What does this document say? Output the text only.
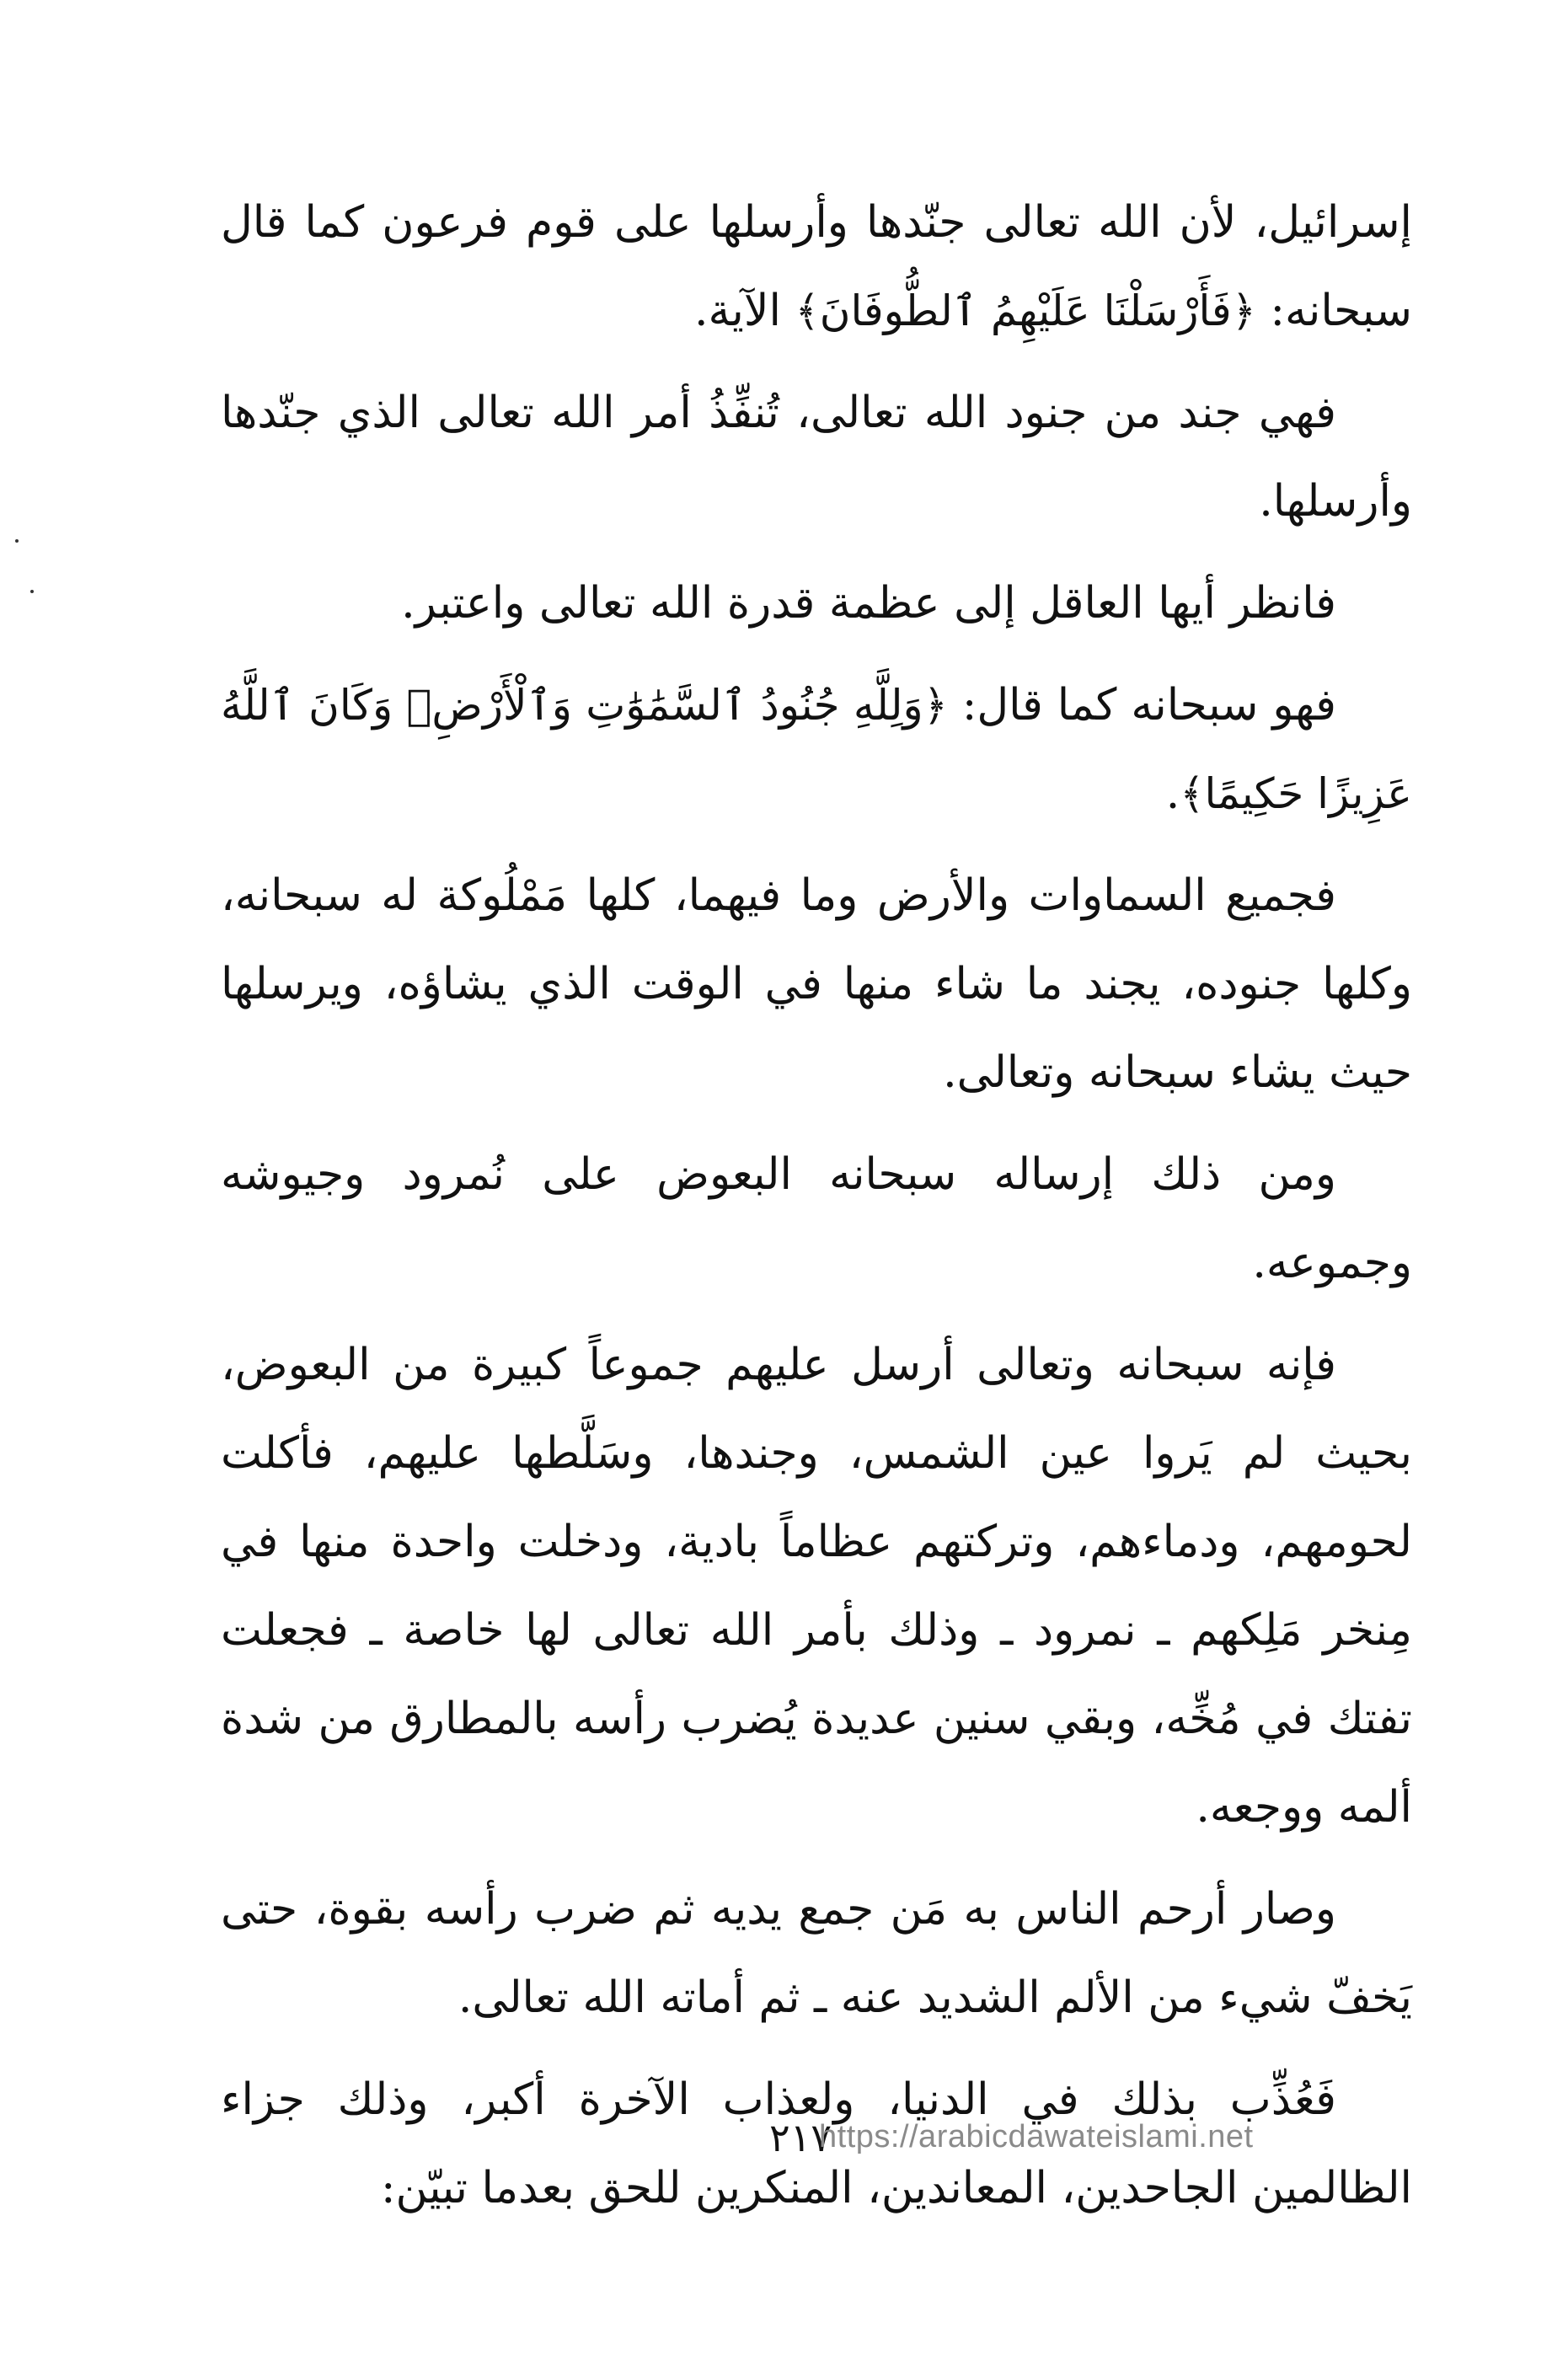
إسرائيل، لأن الله تعالى جنّدها وأرسلها على قوم فرعون كما قال سبحانه: ﴿فَأَرْسَلْنَا عَلَيْهِمُ ٱلطُّوفَانَ﴾ الآية.

فهي جند من جنود الله تعالى، تُنفِّذُ أمر الله تعالى الذي جنّدها وأرسلها.

فانظر أيها العاقل إلى عظمة قدرة الله تعالى واعتبر.

فهو سبحانه كما قال: ﴿وَلِلَّهِ جُنُودُ ٱلسَّمَٰوَٰتِ وَٱلْأَرْضِۚ وَكَانَ ٱللَّهُ عَزِيزًا حَكِيمًا﴾.

فجميع السماوات والأرض وما فيهما، كلها مَمْلُوكة له سبحانه، وكلها جنوده، يجند ما شاء منها في الوقت الذي يشاؤه، ويرسلها حيث يشاء سبحانه وتعالى.

ومن ذلك إرساله سبحانه البعوض على نُمرود وجيوشه وجموعه.

فإنه سبحانه وتعالى أرسل عليهم جموعاً كبيرة من البعوض، بحيث لم يَروا عين الشمس، وجندها، وسَلَّطها عليهم، فأكلت لحومهم، ودماءهم، وتركتهم عظاماً بادية، ودخلت واحدة منها في مِنخر مَلِكهم ـ نمرود ـ وذلك بأمر الله تعالى لها خاصة ـ فجعلت تفتك في مُخِّه، وبقي سنين عديدة يُضرب رأسه بالمطارق من شدة ألمه ووجعه.

وصار أرحم الناس به مَن جمع يديه ثم ضرب رأسه بقوة، حتى يَخفّ شيء من الألم الشديد عنه ـ ثم أماته الله تعالى.

فَعُذِّب بذلك في الدنيا، ولعذاب الآخرة أكبر، وذلك جزاء الظالمين الجاحدين، المعاندين، المنكرين للحق بعدما تبيّن:

٢١٧
https://arabicdawateislami.net
